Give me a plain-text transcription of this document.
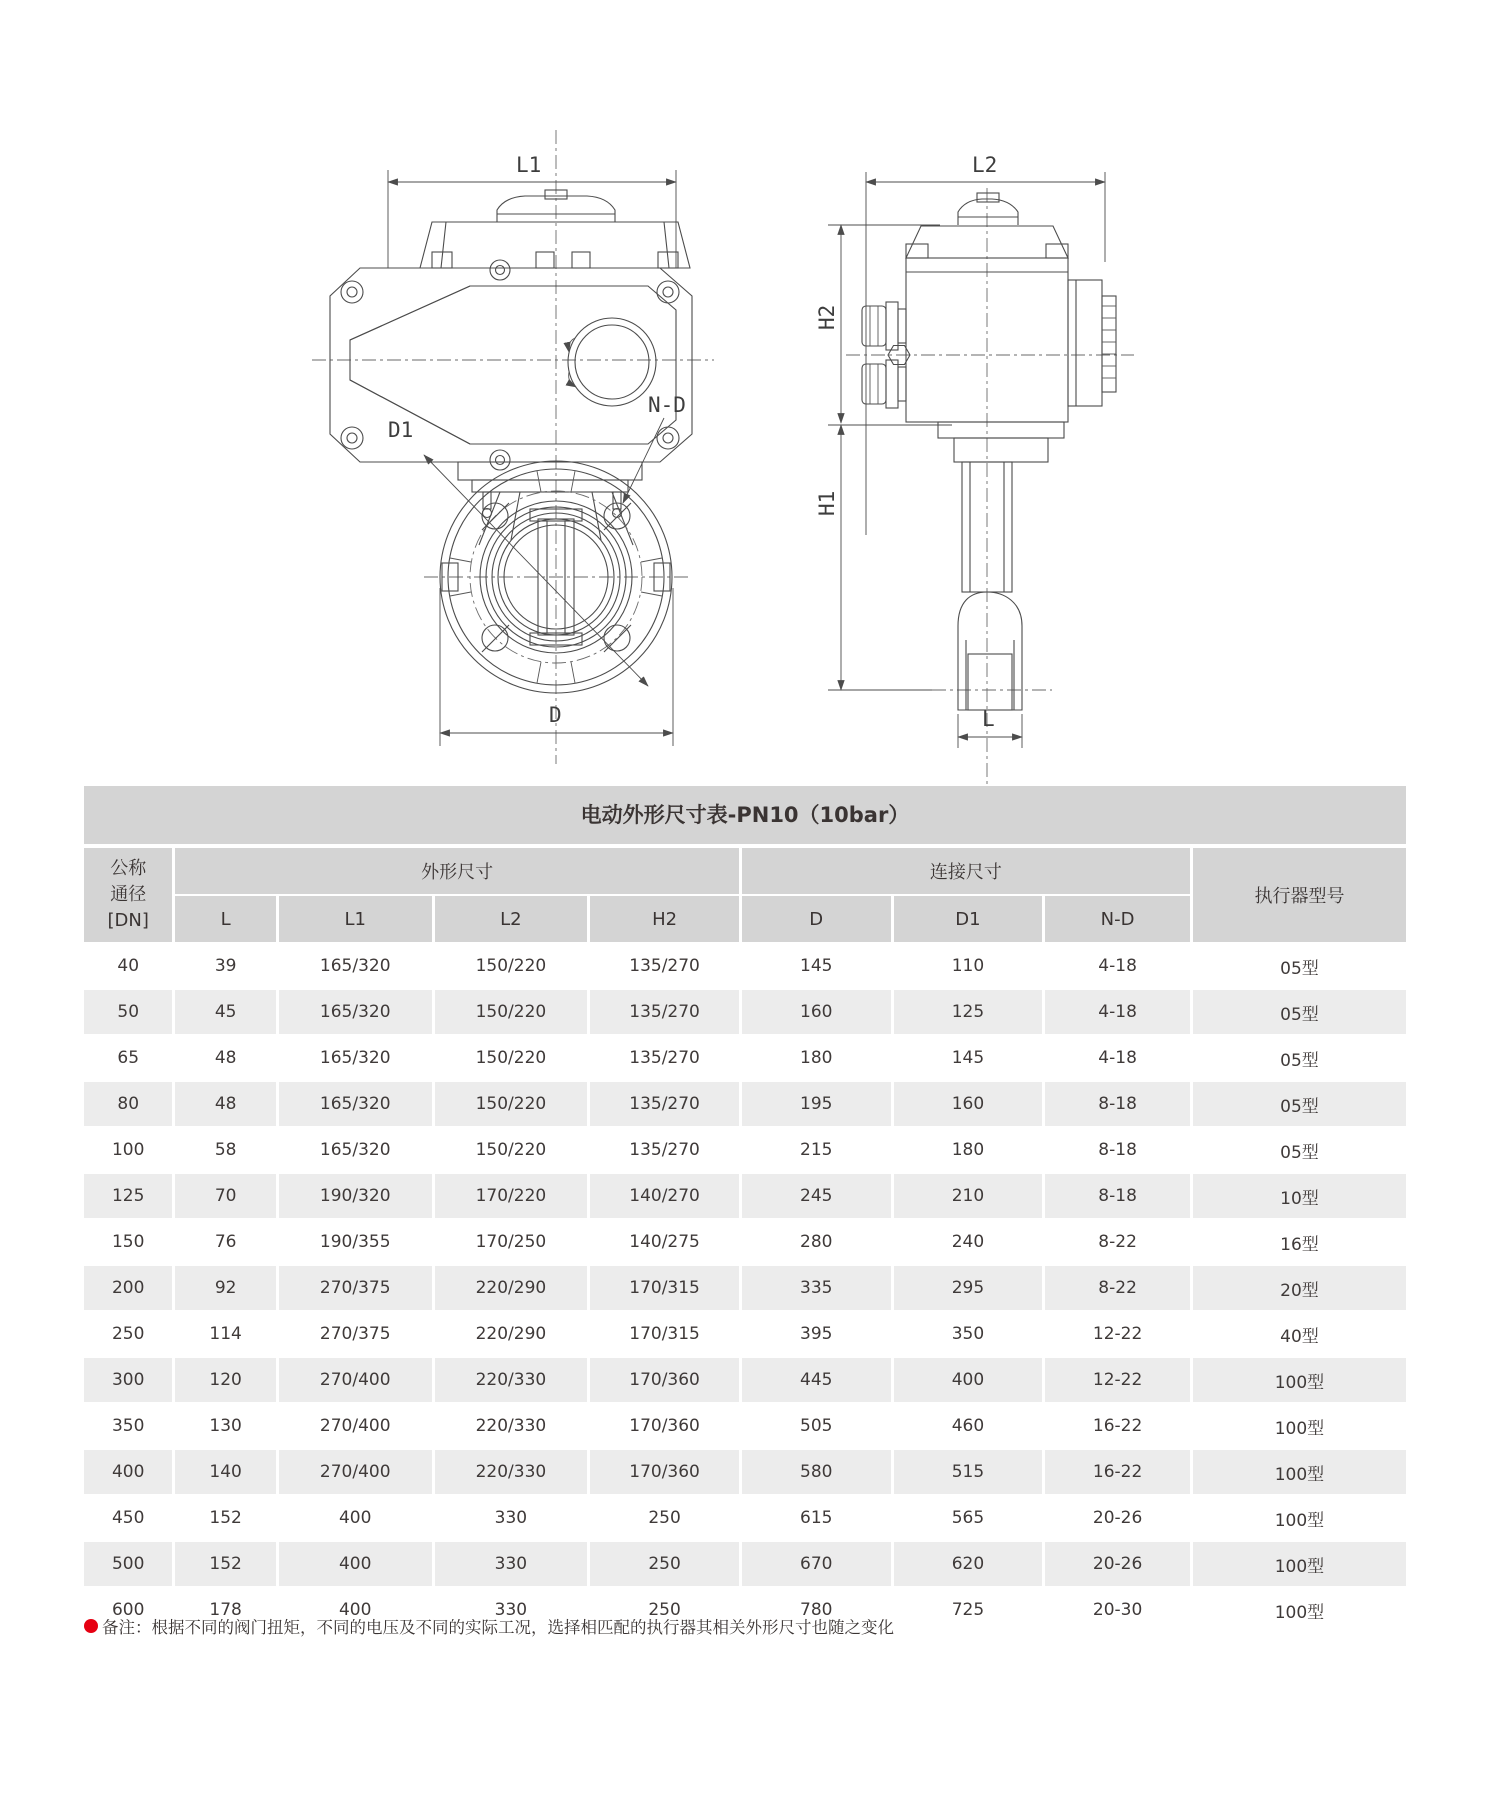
L1
D1
N-D
D
L2
H2
H1
L
电动外形尺寸表-PN10（10bar）
公称
通径
[DN]	外形尺寸				连接尺寸			执行器型号
	L	L1	L2	H2	D	D1	N-D	
40	39	165/320	150/220	135/270	145	110	4-18	05型
50	45	165/320	150/220	135/270	160	125	4-18	05型
65	48	165/320	150/220	135/270	180	145	4-18	05型
80	48	165/320	150/220	135/270	195	160	8-18	05型
100	58	165/320	150/220	135/270	215	180	8-18	05型
125	70	190/320	170/220	140/270	245	210	8-18	10型
150	76	190/355	170/250	140/275	280	240	8-22	16型
200	92	270/375	220/290	170/315	335	295	8-22	20型
250	114	270/375	220/290	170/315	395	350	12-22	40型
300	120	270/400	220/330	170/360	445	400	12-22	100型
350	130	270/400	220/330	170/360	505	460	16-22	100型
400	140	270/400	220/330	170/360	580	515	16-22	100型
450	152	400	330	250	615	565	20-26	100型
500	152	400	330	250	670	620	20-26	100型
600	178	400	330	250	780	725	20-30	100型
备注：根据不同的阀门扭矩，不同的电压及不同的实际工况，选择相匹配的执行器其相关外形尺寸也随之变化
